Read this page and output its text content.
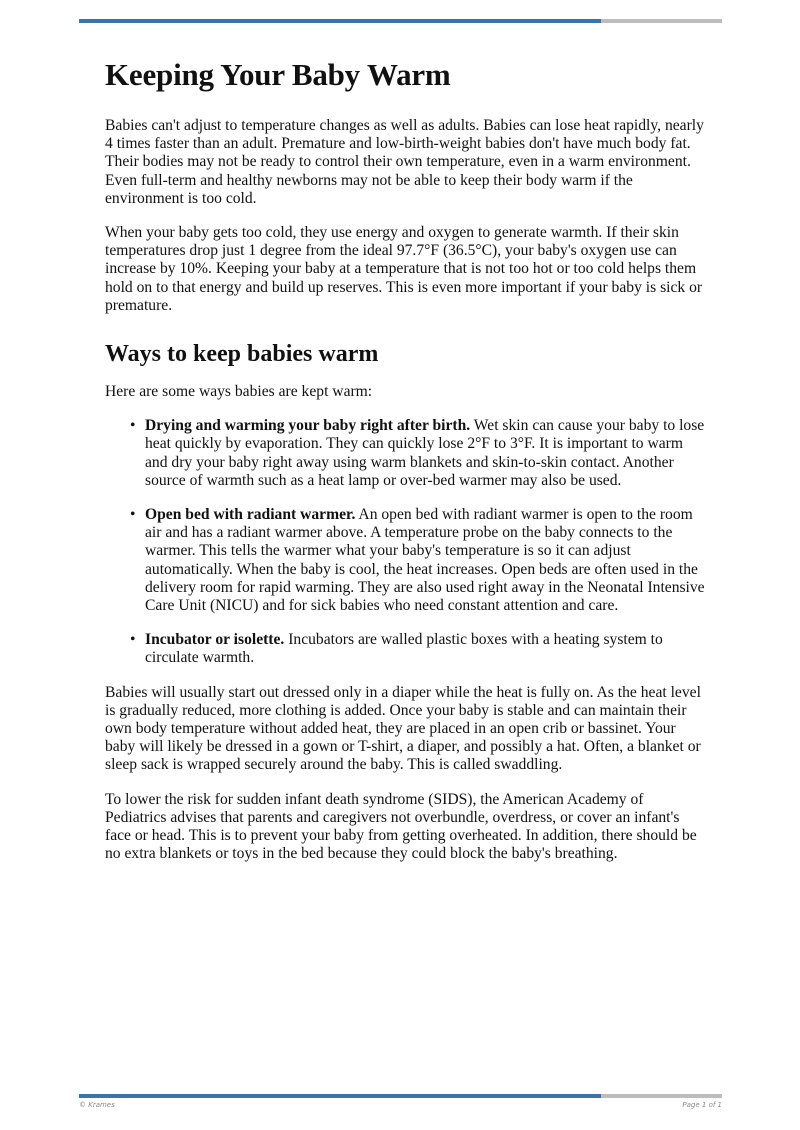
Keeping Your Baby Warm

Babies can't adjust to temperature changes as well as adults. Babies can lose heat rapidly, nearly 4 times faster than an adult. Premature and low-birth-weight babies don't have much body fat. Their bodies may not be ready to control their own temperature, even in a warm environment. Even full-term and healthy newborns may not be able to keep their body warm if the environment is too cold.

When your baby gets too cold, they use energy and oxygen to generate warmth. If their skin temperatures drop just 1 degree from the ideal 97.7°F (36.5°C), your baby's oxygen use can increase by 10%. Keeping your baby at a temperature that is not too hot or too cold helps them hold on to that energy and build up reserves. This is even more important if your baby is sick or premature.

Ways to keep babies warm

Here are some ways babies are kept warm:

• Drying and warming your baby right after birth. Wet skin can cause your baby to lose heat quickly by evaporation. They can quickly lose 2°F to 3°F. It is important to warm and dry your baby right away using warm blankets and skin-to-skin contact. Another source of warmth such as a heat lamp or over-bed warmer may also be used.
• Open bed with radiant warmer. An open bed with radiant warmer is open to the room air and has a radiant warmer above. A temperature probe on the baby connects to the warmer. This tells the warmer what your baby's temperature is so it can adjust automatically. When the baby is cool, the heat increases. Open beds are often used in the delivery room for rapid warming. They are also used right away in the Neonatal Intensive Care Unit (NICU) and for sick babies who need constant attention and care.
• Incubator or isolette. Incubators are walled plastic boxes with a heating system to circulate warmth.

Babies will usually start out dressed only in a diaper while the heat is fully on. As the heat level is gradually reduced, more clothing is added. Once your baby is stable and can maintain their own body temperature without added heat, they are placed in an open crib or bassinet. Your baby will likely be dressed in a gown or T-shirt, a diaper, and possibly a hat. Often, a blanket or sleep sack is wrapped securely around the baby. This is called swaddling.

To lower the risk for sudden infant death syndrome (SIDS), the American Academy of Pediatrics advises that parents and caregivers not overbundle, overdress, or cover an infant's face or head. This is to prevent your baby from getting overheated. In addition, there should be no extra blankets or toys in the bed because they could block the baby's breathing.

© Krames	Page 1 of 1
